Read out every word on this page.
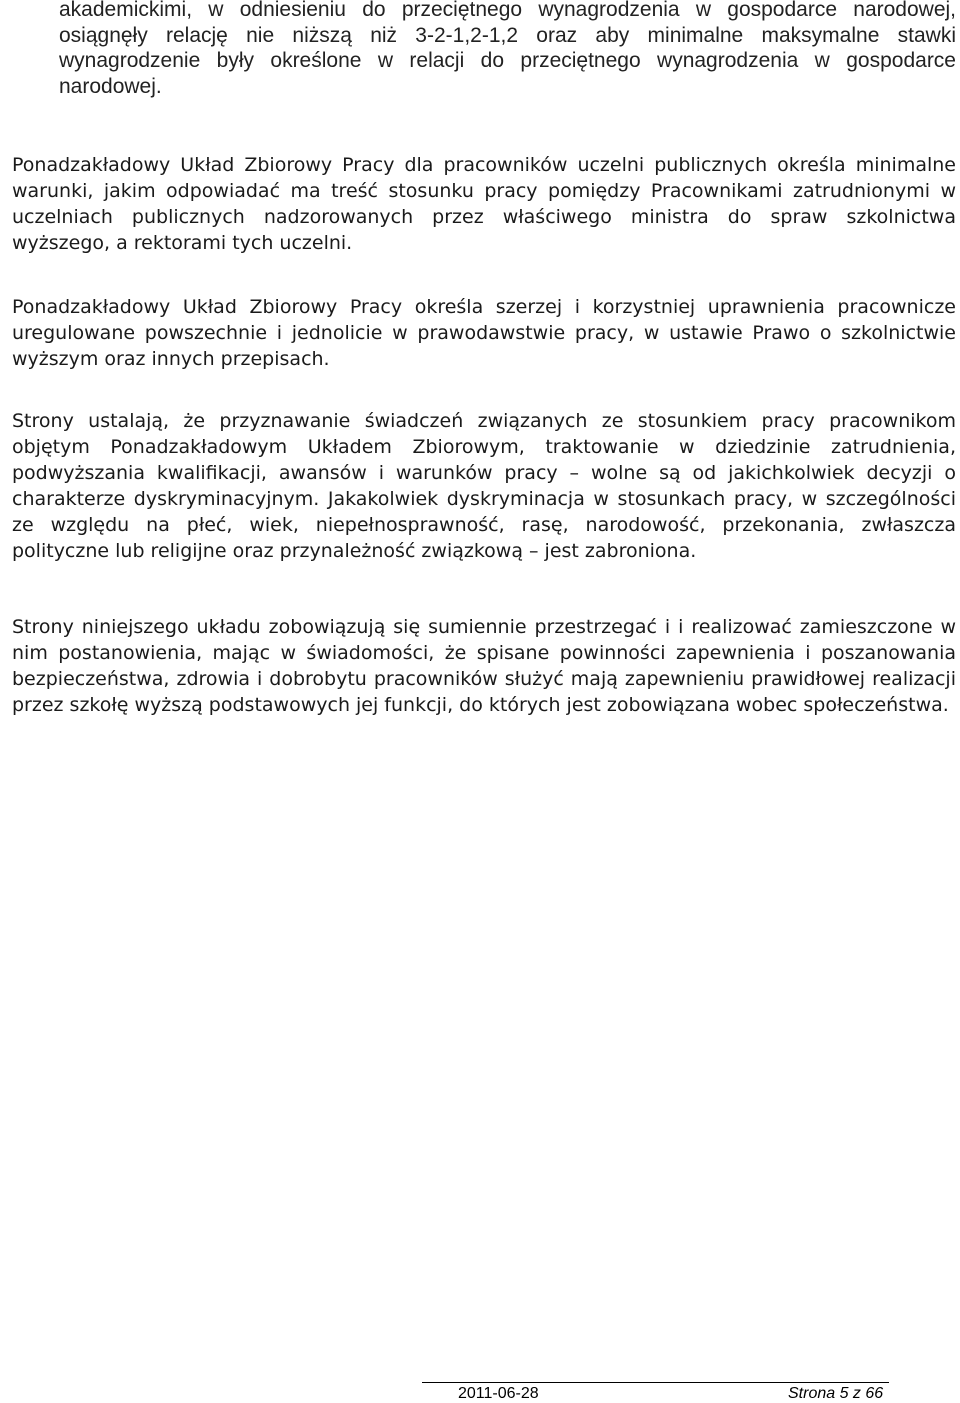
akademickimi, w odniesieniu do przeciętnego wynagrodzenia w gospodarce narodowej, osiągnęły relację nie niższą niż 3-2-1,2-1,2 oraz aby minimalne maksymalne stawki wynagrodzenie były określone w relacji do przeciętnego wynagrodzenia w gospodarce narodowej.

Ponadzakładowy Układ Zbiorowy Pracy dla pracowników uczelni publicznych określa minimalne warunki, jakim odpowiadać ma treść stosunku pracy pomiędzy Pracownikami zatrudnionymi w uczelniach publicznych nadzorowanych przez właściwego ministra do spraw szkolnictwa wyższego, a rektorami tych uczelni.

Ponadzakładowy Układ Zbiorowy Pracy określa szerzej i korzystniej uprawnienia pracownicze uregulowane powszechnie i jednolicie w prawodawstwie pracy, w ustawie Prawo o szkolnictwie wyższym oraz innych przepisach.

Strony ustalają, że przyznawanie świadczeń związanych ze stosunkiem pracy pracownikom objętym Ponadzakładowym Układem Zbiorowym, traktowanie w dziedzinie zatrudnienia, podwyższania kwalifikacji, awansów i warunków pracy – wolne są od jakichkolwiek decyzji o charakterze dyskryminacyjnym. Jakakolwiek dyskryminacja w stosunkach pracy, w szczególności ze względu na płeć, wiek, niepełnosprawność, rasę, narodowość, przekonania, zwłaszcza polityczne lub religijne oraz przynależność związkową – jest zabroniona.

Strony niniejszego układu zobowiązują się sumiennie przestrzegać i i realizować zamieszczone w nim postanowienia, mając w świadomości, że spisane powinności zapewnienia i poszanowania bezpieczeństwa, zdrowia i dobrobytu pracowników służyć mają zapewnieniu prawidłowej realizacji przez szkołę wyższą podstawowych jej funkcji, do których jest zobowiązana wobec społeczeństwa.

2011-06-28	Strona 5 z 66
